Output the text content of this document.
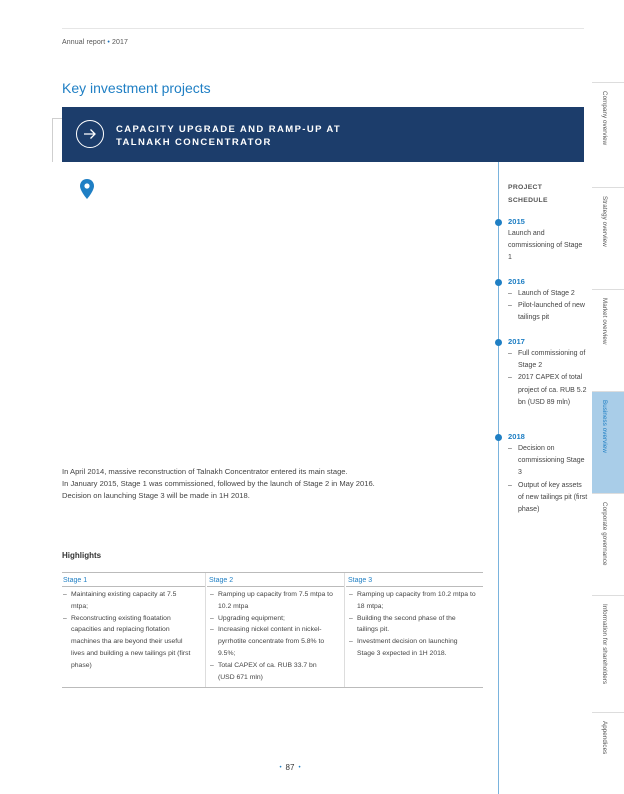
Annual report • 2017
Key investment projects
CAPACITY UPGRADE AND RAMP-UP AT TALNAKH CONCENTRATOR
In April 2014, massive reconstruction of Talnakh Concentrator entered its main stage.
In January 2015, Stage 1 was commissioned, followed by the launch of Stage 2 in May 2016.
Decision on launching Stage 3 will be made in 1H 2018.
Highlights
Stage 1
– Maintaining existing capacity at 7.5 mtpa;
– Reconstructing existing floatation capacities and replacing flotation machines tha are beyond their useful lives and building a new tailings pit (first phase)
Stage 2
– Ramping up capacity from 7.5 mtpa to 10.2 mtpa
– Upgrading equipment;
– Increasing nickel content in nickel-pyrrhotite concentrate from 5.8% to 9.5%;
– Total CAPEX of ca. RUB 33.7 bn (USD 671 mln)
Stage 3
– Ramping up capacity from 10.2 mtpa to 18 mtpa;
– Building the second phase of the tailings pit.
– Investment decision on launching Stage 3 expected in 1H 2018.
PROJECT
SCHEDULE
2015
Launch and commissioning of Stage 1
2016
– Launch of Stage 2
– Pilot-launched of new tailings pit
2017
– Full commissioning of Stage 2
– 2017 CAPEX of total project of ca. RUB 5.2 bn (USD 89 mln)
2018
– Decision on commissioning Stage 3
– Output of key assets of new tailings pit (first phase)
Company overview
Strategy overview
Market overview
Business overview
Corporate governance
Information for shareholders
Appendices
• 87 •
